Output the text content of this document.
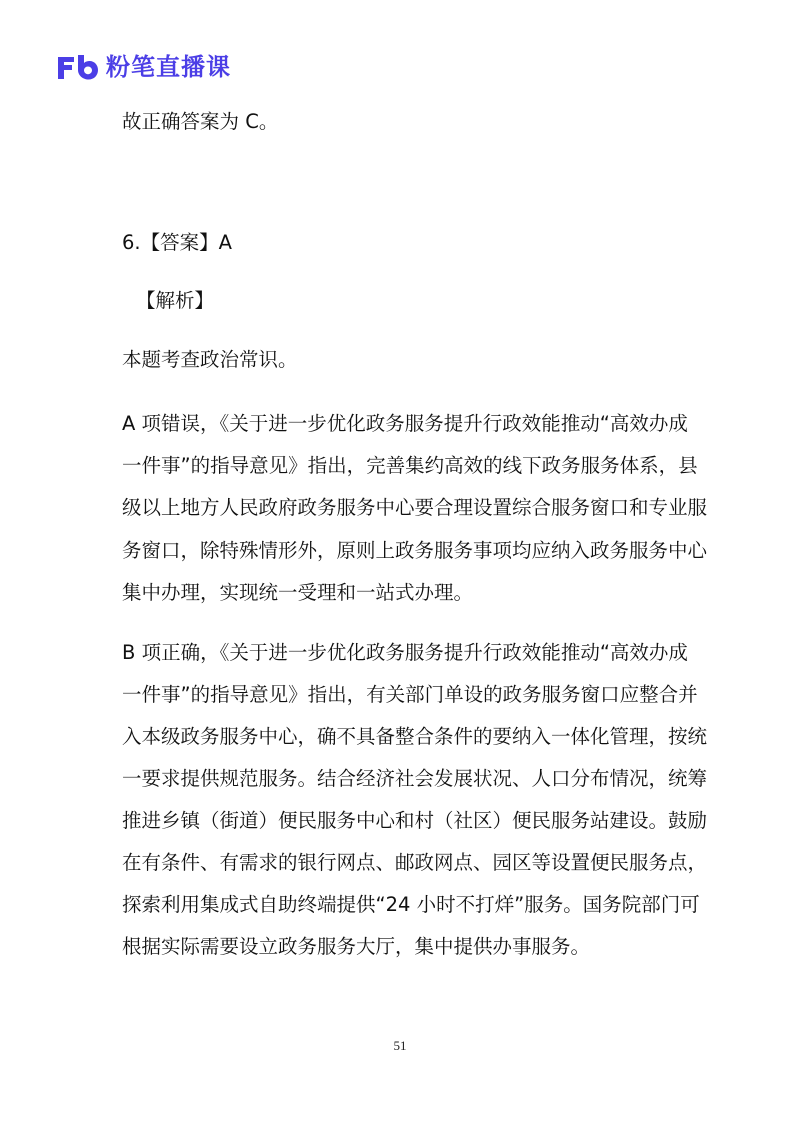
粉笔直播课
故正确答案为 C。
6.【答案】A
【解析】
本题考查政治常识。
A 项错误，《关于进一步优化政务服务提升行政效能推动“高效办成
一件事”的指导意见》指出，完善集约高效的线下政务服务体系，县
级以上地方人民政府政务服务中心要合理设置综合服务窗口和专业服
务窗口，除特殊情形外，原则上政务服务事项均应纳入政务服务中心
集中办理，实现统一受理和一站式办理。
B 项正确，《关于进一步优化政务服务提升行政效能推动“高效办成
一件事”的指导意见》指出，有关部门单设的政务服务窗口应整合并
入本级政务服务中心，确不具备整合条件的要纳入一体化管理，按统
一要求提供规范服务。结合经济社会发展状况、人口分布情况，统筹
推进乡镇（街道）便民服务中心和村（社区）便民服务站建设。鼓励
在有条件、有需求的银行网点、邮政网点、园区等设置便民服务点，
探索利用集成式自助终端提供“24 小时不打烊”服务。国务院部门可
根据实际需要设立政务服务大厅，集中提供办事服务。
51
